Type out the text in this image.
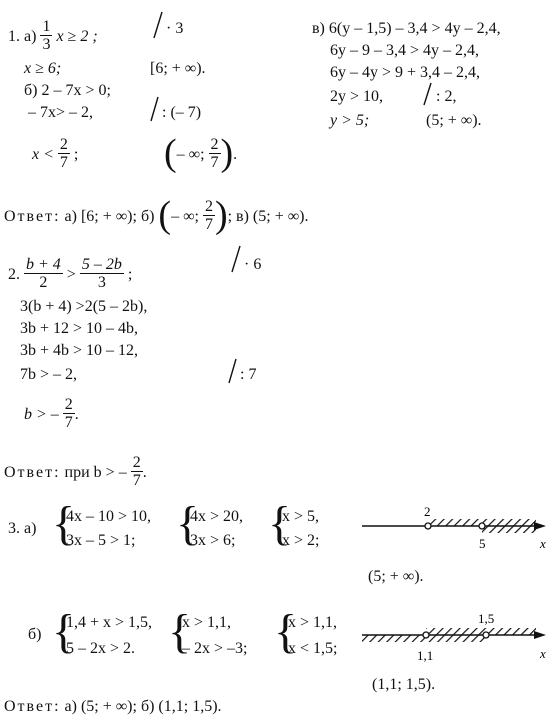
1. $а) \frac{1}{3}$ x ≥ 2 ;	· 3
x ≥ 6;	[6; + ∞).
б) 2 – 7x > 0;
– 7x> – 2,	: (– 7)
$x < \frac{2}{7}$ ; (– ∞; $\frac{2}{7}$ ).
в) 6(y – 1,5) – 3,4 > 4y – 2,4,
6y – 9 – 3,4 > 4y – 2,4,
6y – 4y > 9 + 3,4 – 2,4,
2y > 10,	: 2,
y > 5;	(5; + ∞).
Ответ: а) [6; + ∞); б) (– ∞; $\frac{2}{7}$ ); в) (5; + ∞).
2. $\frac{b + 4}{2} > \frac{5 - 2b}{3}$ ;
· 6
3(b + 4) >2(5 – 2b),
3b + 12 > 10 – 4b,
3b + 4b > 10 – 12,
7b > – 2,	: 7
b > – $\frac{2}{7}$ .
Ответ: при b > – $\frac{2}{7}$ .
3. а) {
4x – 10 > 10,
3x – 5 > 1; {
4x > 20,
3x > 6; {
x > 5,
x > 2;
2
5	x
(5; + ∞).
б) {
1,4 + x > 1,5,
5 – 2x > 2. {
x > 1,1,
– 2x > –3; {
x > 1,1,
x < 1,5;
1,5
1,1	x
(1,1; 1,5).
Ответ: а) (5; + ∞); б) (1,1; 1,5).
